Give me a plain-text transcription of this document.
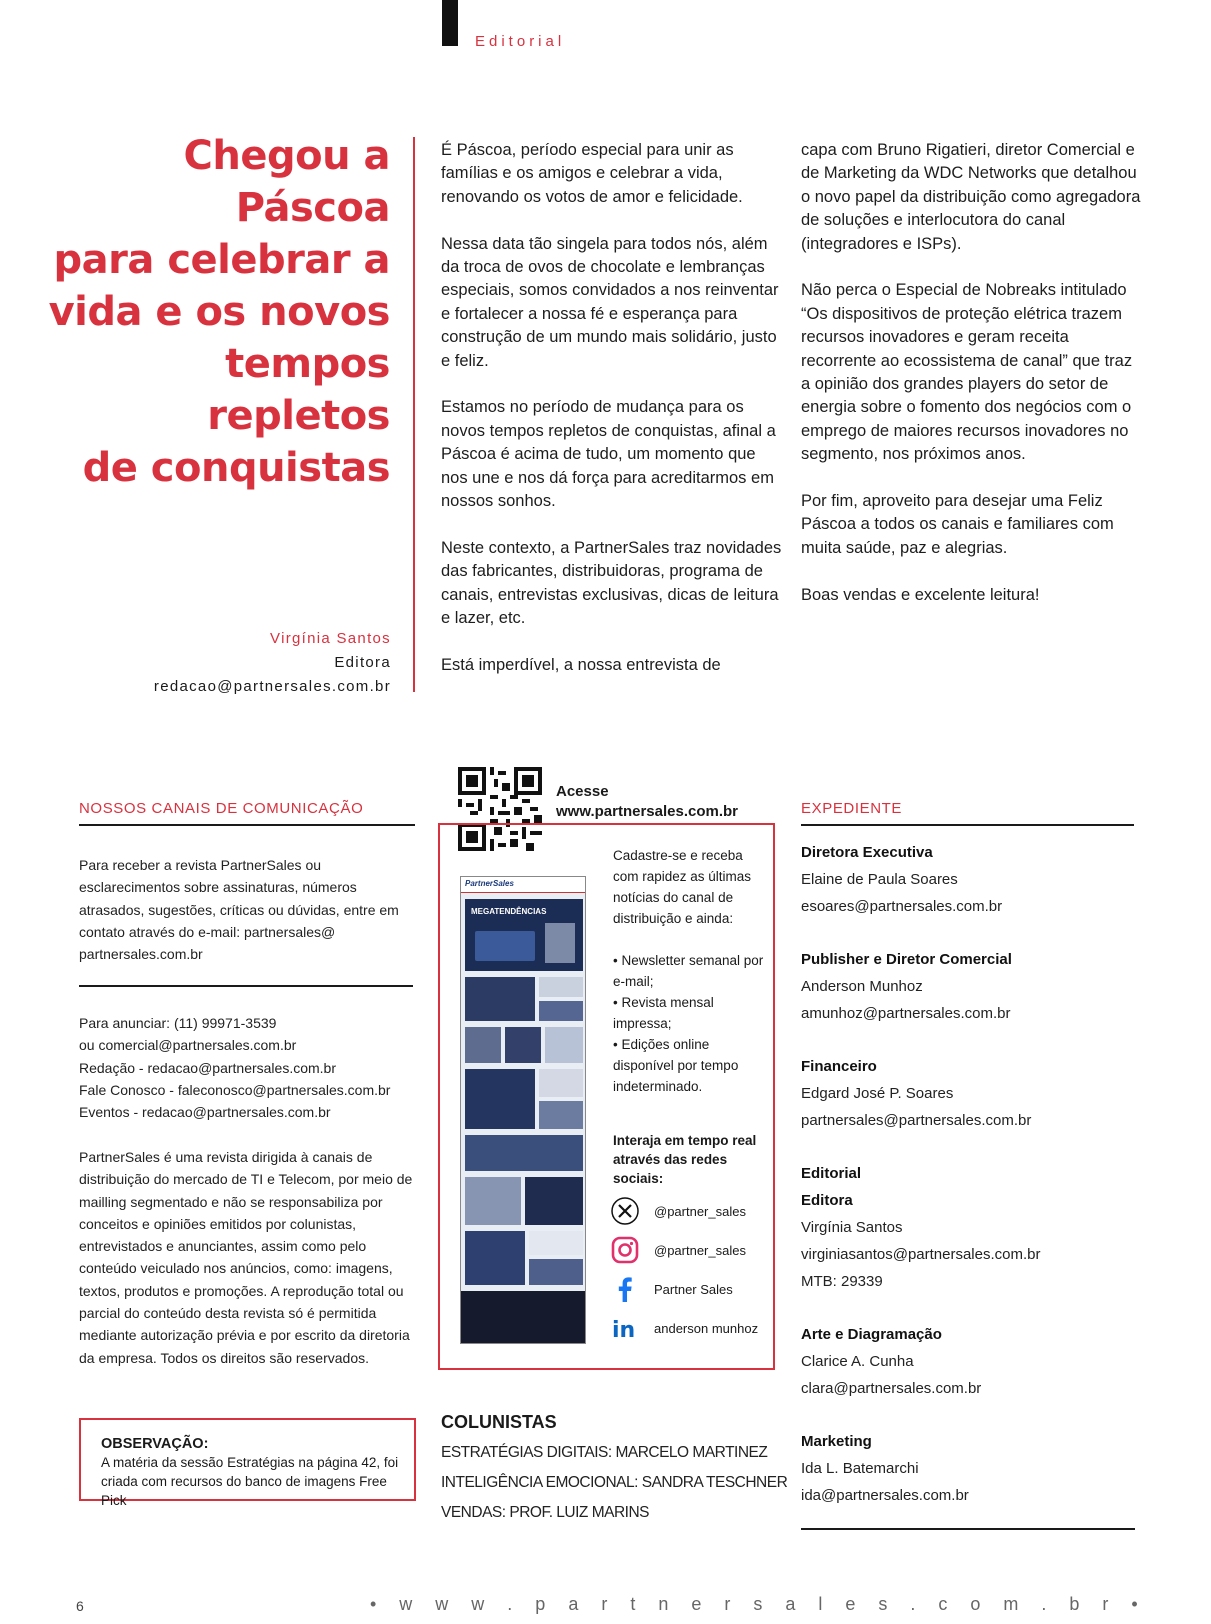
Editorial
Chegou a Páscoa
para celebrar a
vida e os novos
tempos repletos
de conquistas
Virgínia Santos
Editora
redacao@partnersales.com.br

É Páscoa, período especial para unir as famílias e os amigos e celebrar a vida, renovando os votos de amor e felicidade.

Nessa data tão singela para todos nós, além da troca de ovos de chocolate e lembranças especiais, somos convidados a nos reinventar e fortalecer a nossa fé e esperança para construção de um mundo mais solidário, justo e feliz.

Estamos no período de mudança para os novos tempos repletos de conquistas, afinal a Páscoa é acima de tudo, um momento que nos une e nos dá força para acreditarmos em nossos sonhos.

Neste contexto, a PartnerSales traz novidades das fabricantes, distribuidoras, programa de canais, entrevistas exclusivas, dicas de leitura e lazer, etc.

Está imperdível, a nossa entrevista de

capa com Bruno Rigatieri, diretor Comercial e de Marketing da WDC Networks que detalhou o novo papel da distribuição como agregadora de soluções e interlocutora do canal (integradores e ISPs).

Não perca o Especial de Nobreaks intitulado “Os dispositivos de proteção elétrica trazem recursos inovadores e geram receita recorrente ao ecossistema de canal” que traz a opinião dos grandes players do setor de energia sobre o fomento dos negócios com o emprego de maiores recursos inovadores no segmento, nos próximos anos.

Por fim, aproveito para desejar uma Feliz Páscoa a todos os canais e familiares com muita saúde, paz e alegrias.

Boas vendas e excelente leitura!

NOSSOS CANAIS DE COMUNICAÇÃO
Para receber a revista PartnerSales ou esclarecimentos sobre assinaturas, números atrasados, sugestões, críticas ou dúvidas, entre em contato através do e-mail: partnersales@ partnersales.com.br
Para anunciar: (11) 99971-3539
ou comercial@partnersales.com.br
Redação - redacao@partnersales.com.br
Fale Conosco - faleconosco@partnersales.com.br
Eventos - redacao@partnersales.com.br
PartnerSales é uma revista dirigida à canais de distribuição do mercado de TI e Telecom, por meio de mailling segmentado e não se responsabiliza por conceitos e opiniões emitidos por colunistas, entrevistados e anunciantes, assim como pelo conteúdo veiculado nos anúncios, como: imagens, textos, produtos e promoções. A reprodução total ou parcial do conteúdo desta revista só é permitida mediante autorização prévia e por escrito da diretoria da empresa. Todos os direitos são reservados.
OBSERVAÇÃO:
A matéria da sessão Estratégias na página 42, foi criada com recursos do banco de imagens Free Pick
Acesse
www.partnersales.com.br
PartnerSales
MEGATENDÊNCIAS
Cadastre-se e receba com rapidez as últimas notícias do canal de distribuição e ainda:
• Newsletter semanal por e-mail;
• Revista mensal impressa;
• Edições online disponível por tempo indeterminado.
Interaja em tempo real através das redes sociais:
@partner_sales
@partner_sales
Partner Sales
in anderson munhoz
COLUNISTAS
ESTRATÉGIAS DIGITAIS: MARCELO MARTINEZ
INTELIGÊNCIA EMOCIONAL: SANDRA TESCHNER
VENDAS: PROF. LUIZ MARINS
EXPEDIENTE
Diretora Executiva
Elaine de Paula Soares
esoares@partnersales.com.br
Publisher e Diretor Comercial
Anderson Munhoz
amunhoz@partnersales.com.br
Financeiro
Edgard José P. Soares
partnersales@partnersales.com.br
Editorial
Editora
Virgínia Santos
virginiasantos@partnersales.com.br
MTB: 29339
Arte e Diagramação
Clarice A. Cunha
clara@partnersales.com.br
Marketing
Ida L. Batemarchi
ida@partnersales.com.br
6	• w w w . p a r t n e r s a l e s . c o m . b r •
